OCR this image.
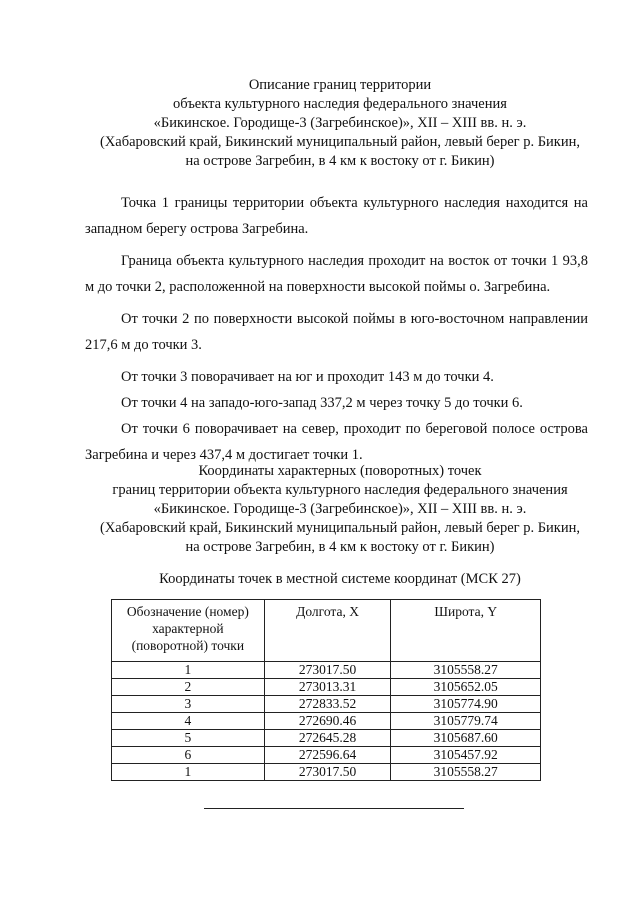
Описание границ территории
объекта культурного наследия федерального значения
«Бикинское. Городище-3 (Загребинское)», XII – XIII вв. н. э.
(Хабаровский край, Бикинский муниципальный район, левый берег р. Бикин,
на острове Загребин, в 4 км к востоку от г. Бикин)

Точка 1 границы территории объекта культурного наследия находится на западном берегу острова Загребина.

Граница объекта культурного наследия проходит на восток от точки 1 93,8 м до точки 2, расположенной на поверхности высокой поймы о. Загребина.

От точки 2 по поверхности высокой поймы в юго-восточном направлении 217,6 м до точки 3.

От точки 3 поворачивает на юг и проходит 143 м до точки 4.

От точки 4 на западо-юго-запад 337,2 м через точку 5 до точки 6.

От точки 6 поворачивает на север, проходит по береговой полосе острова Загребина и через 437,4 м достигает точки 1.

Координаты характерных (поворотных) точек
границ территории объекта культурного наследия федерального значения
«Бикинское. Городище-3 (Загребинское)», XII – XIII вв. н. э.
(Хабаровский край, Бикинский муниципальный район, левый берег р. Бикин,
на острове Загребин, в 4 км к востоку от г. Бикин)
Координаты точек в местной системе координат (МСК 27)
Обозначение (номер)
характерной
(поворотной) точки	Долгота, X	Широта, Y
1	273017.50	3105558.27
2	273013.31	3105652.05
3	272833.52	3105774.90
4	272690.46	3105779.74
5	272645.28	3105687.60
6	272596.64	3105457.92
1	273017.50	3105558.27
